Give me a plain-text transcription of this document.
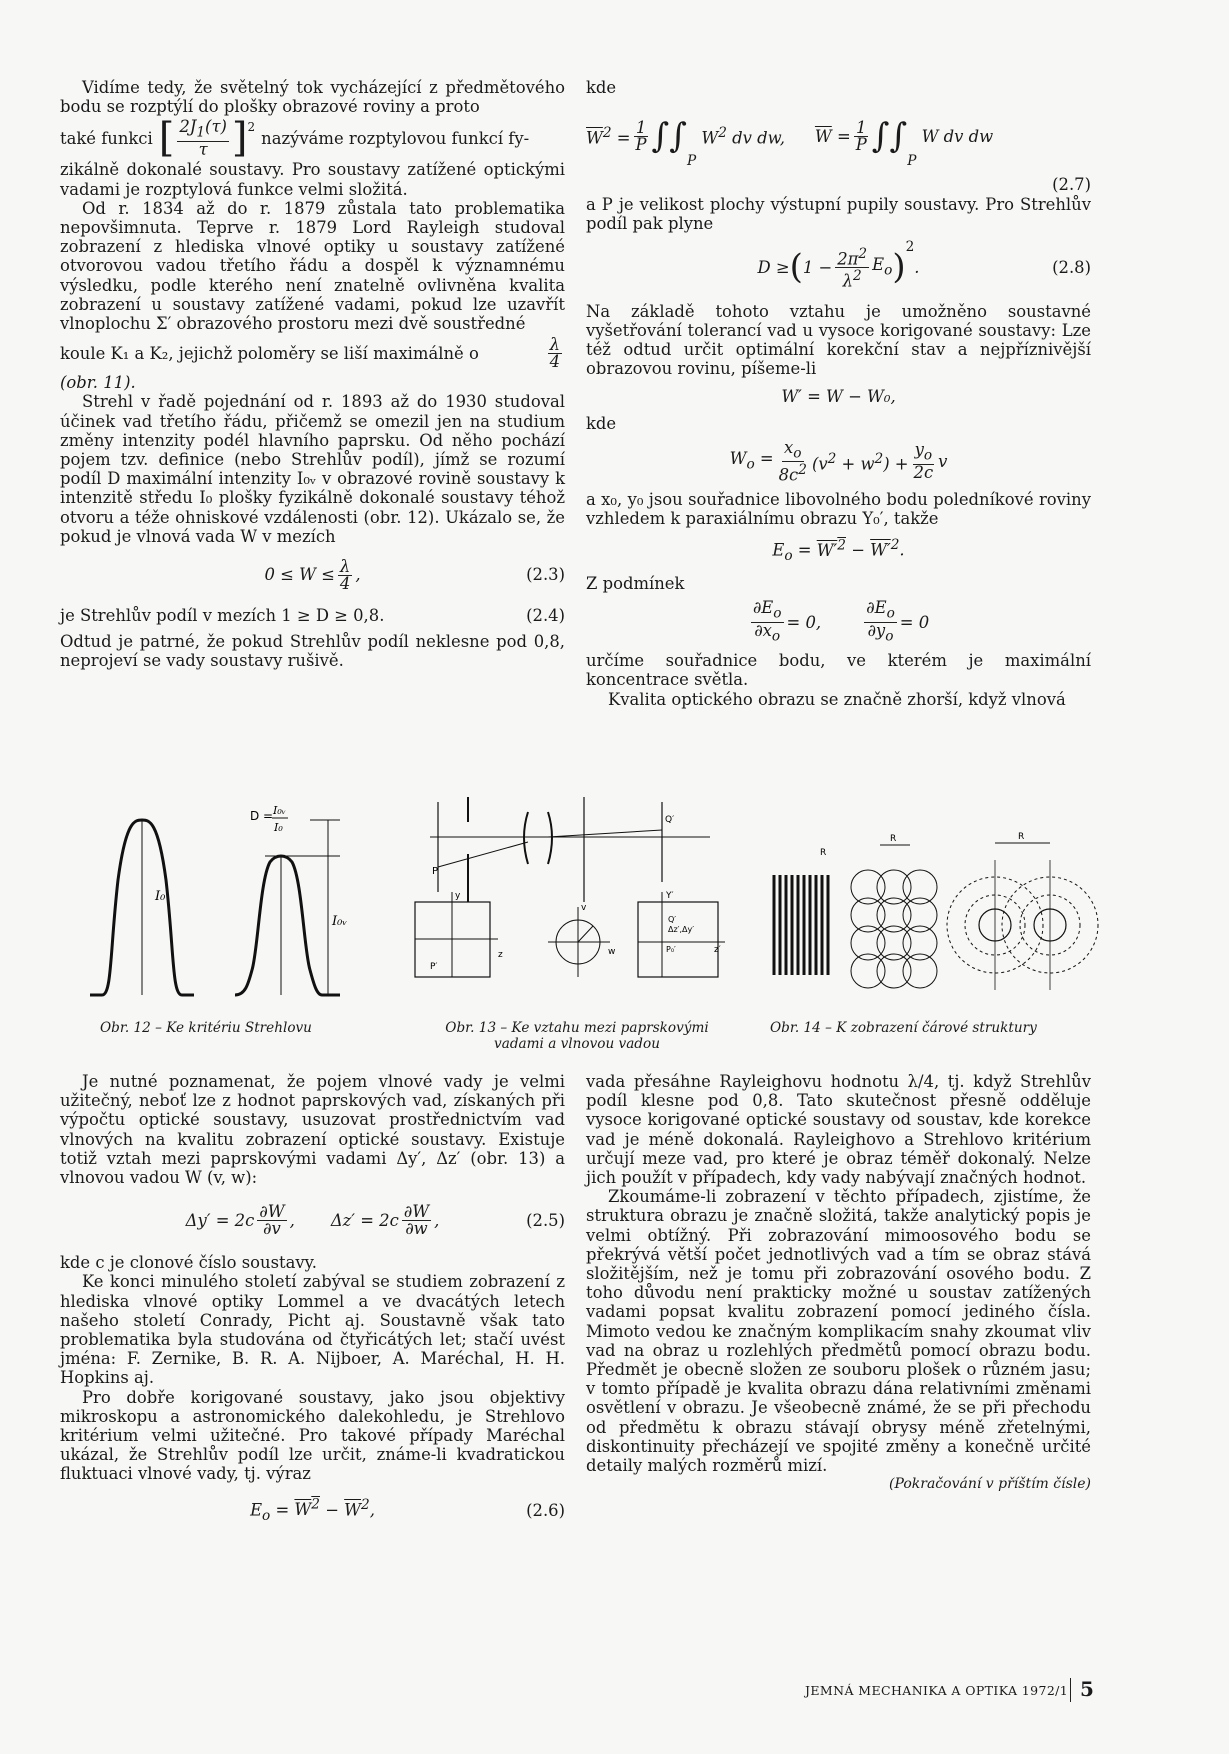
Vidíme tedy, že světelný tok vycházející z předmětového bodu se rozptýlí do plošky obrazové roviny a proto

také funkci [ $\frac{2J_1(\tau)}{\tau} ]^2$
nazýváme rozptylovou funkcí fy-

zikálně dokonalé soustavy. Pro soustavy zatížené optickými vadami je rozptylová funkce velmi složitá.

Od r. 1834 až do r. 1879 zůstala tato problematika nepovšimnuta. Teprve r. 1879 Lord Rayleigh studoval zobrazení z hlediska vlnové optiky u soustavy zatížené otvorovou vadou třetího řádu a dospěl k významnému výsledku, podle kterého není znatelně ovlivněna kvalita zobrazení u soustavy zatížené vadami, pokud lze uzavřít vlnoplochu Σ′ obrazového prostoru mezi dvě soustředné

koule K₁ a K₂, jejichž poloměry se liší maximálně o	$\frac{\lambda}{4}$

(obr. 11).

Strehl v řadě pojednání od r. 1893 až do 1930 studoval účinek vad třetího řádu, přičemž se omezil jen na studium změny intenzity podél hlavního paprsku. Od něho pochází pojem tzv. definice (nebo Strehlův podíl), jímž se rozumí podíl D maximální intenzity I₀ᵥ v obrazové rovině soustavy k intenzitě středu I₀ plošky fyzikálně dokonalé soustavy téhož otvoru a téže ohniskové vzdálenosti (obr. 12). Ukázalo se, že pokud je vlnová vada W v mezích

$0 \le W \le \frac{\lambda}{4}$ ,	(2.3)
je Strehlův podíl v mezích 1 ≥ D ≥ 0,8.	(2.4)

Odtud je patrné, že pokud Strehlův podíl neklesne pod 0,8, neprojeví se vady soustavy rušivě.

kde

$\overline{W}^2 = \frac{1}{P}$ ∫∫
P
$W^2$ dv dw, $\overline{W} = \frac{1}{P}$ ∫∫
P
W dv dw
(2.7)

a P je velikost plochy výstupní pupily soustavy. Pro Strehlův podíl pak plyne

D ≥ ( $1 - \frac{2\pi^2}{\lambda^2} E_o$ )
2
.	(2.8)

Na základě tohoto vztahu je umožněno soustavné vyšetřování tolerancí vad u vysoce korigované soustavy: Lze též odtud určit optimální korekční stav a nejpříznivější obrazovou rovinu, píšeme-li

W′ = W − W₀,

kde

$W_o = \frac{x_o}{8c^2} (v^2 + w^2) + \frac{y_o}{2c}$ v

a x₀, y₀ jsou souřadnice libovolného bodu poledníkové roviny vzhledem k paraxiálnímu obrazu Y₀′, takže

$E_o = W'^2 - W'^2$.

Z podmínek

$\frac{\partial E_o}{\partial x_o} = 0$,	$\frac{\partial E_o}{\partial y_o} = 0$

určíme souřadnice bodu, ve kterém je maximální koncentrace světla.

Kvalita optického obrazu se značně zhorší, když vlnová

I₀
I₀ᵥ
D = I₀ᵥ
I₀
Obr. 12 – Ke kritériu Strehlovu
P
Q′
y
z
P′
v
w
Y′
z′
Q′
Δz′,Δy′
P₀′
Obr. 13 – Ke vztahu mezi paprskovými
vadami a vlnovou vadou
R
R	R
Obr. 14 – K zobrazení čárové struktury

Je nutné poznamenat, že pojem vlnové vady je velmi užitečný, neboť lze z hodnot paprskových vad, získaných při výpočtu optické soustavy, usuzovat prostřednictvím vad vlnových na kvalitu zobrazení optické soustavy. Existuje totiž vztah mezi paprskovými vadami Δy′, Δz′ (obr. 13) a vlnovou vadou W (v, w):

$\Delta y' = 2c \frac{\partial W}{\partial v}$ , $\Delta z' = 2c \frac{\partial W}{\partial w}$ ,	(2.5)

kde c je clonové číslo soustavy.

Ke konci minulého století zabýval se studiem zobrazení z hlediska vlnové optiky Lommel a ve dvacátých letech našeho století Conrady, Picht aj. Soustavně však tato problematika byla studována od čtyřicátých let; stačí uvést jména: F. Zernike, B. R. A. Nijboer, A. Maréchal, H. H. Hopkins aj.

Pro dobře korigované soustavy, jako jsou objektivy mikroskopu a astronomického dalekohledu, je Strehlovo kritérium velmi užitečné. Pro takové případy Maréchal ukázal, že Strehlův podíl lze určit, známe-li kvadratickou fluktuaci vlnové vady, tj. výraz

$E_o = W^2 - \overline{W}^2$,	(2.6)

vada přesáhne Rayleighovu hodnotu λ/4, tj. když Strehlův podíl klesne pod 0,8. Tato skutečnost přesně odděluje vysoce korigované optické soustavy od soustav, kde korekce vad je méně dokonalá. Rayleighovo a Strehlovo kritérium určují meze vad, pro které je obraz téměř dokonalý. Nelze jich použít v případech, kdy vady nabývají značných hodnot.

Zkoumáme-li zobrazení v těchto případech, zjistíme, že struktura obrazu je značně složitá, takže analytický popis je velmi obtížný. Při zobrazování mimoosového bodu se překrývá větší počet jednotlivých vad a tím se obraz stává složitějším, než je tomu při zobrazování osového bodu. Z toho důvodu není prakticky možné u soustav zatížených vadami popsat kvalitu zobrazení pomocí jediného čísla. Mimoto vedou ke značným komplikacím snahy zkoumat vliv vad na obraz u rozlehlých předmětů pomocí obrazu bodu. Předmět je obecně složen ze souboru plošek o různém jasu; v tomto případě je kvalita obrazu dána relativními změnami osvětlení v obrazu. Je všeobecně známé, že se při přechodu od předmětu k obrazu stávají obrysy méně zřetelnými, diskontinuity přecházejí ve spojité změny a konečně určité detaily malých rozměrů mizí.

(Pokračování v příštím čísle)

JEMNÁ MECHANIKA A OPTIKA 1972/1 5
